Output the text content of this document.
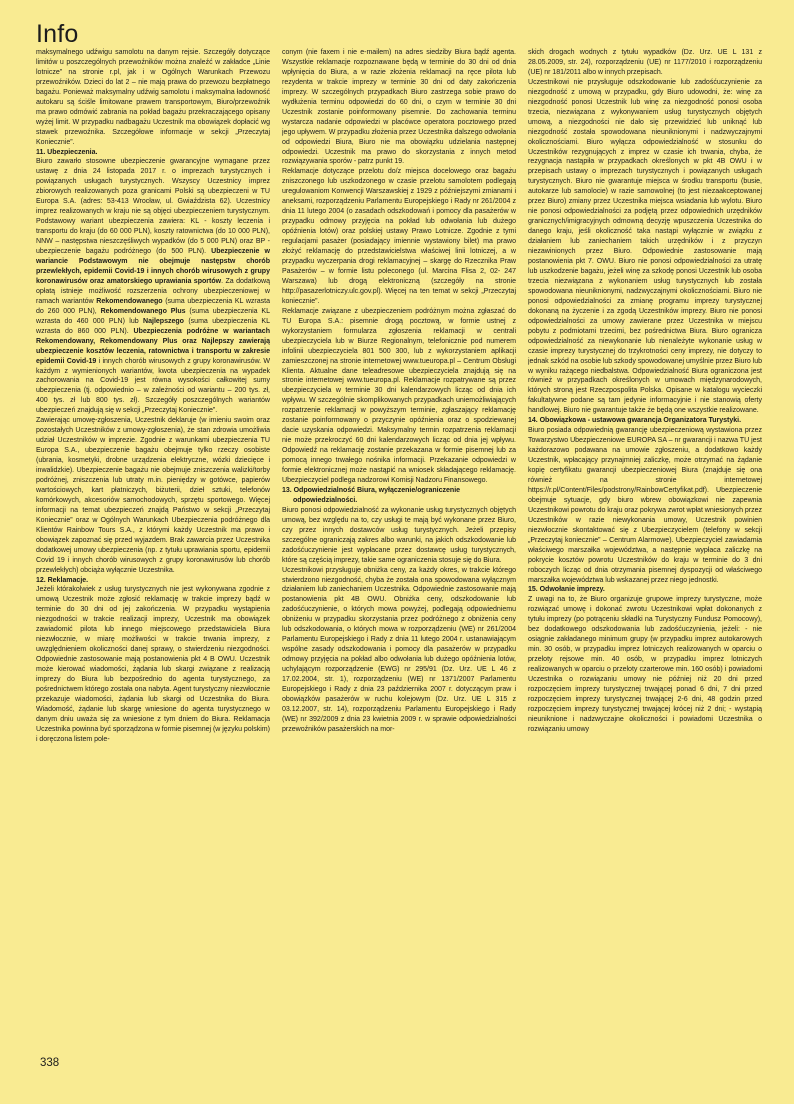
Info

maksymalnego udźwigu samolotu na danym rejsie. Szczegóły dotyczące limitów u poszczególnych przewoźników można znaleźć w zakładce „Linie lotnicze” na stronie r.pl, jak i w Ogólnych Warunkach Przewozu przewoźników. Dzieci do lat 2 – nie mają prawa do przewozu bezpłatnego bagażu. Ponieważ maksymalny udźwig samolotu i maksymalna ładowność autokaru są ściśle limitowane prawem transportowym, Biuro/przewoźnik ma prawo odmówić zabrania na pokład bagażu przekraczającego opisany wyżej limit. W przypadku nadbagażu Uczestnik ma obowiązek dopłacić wg stawek przewoźnika. Szczegółowe informacje w sekcji „Przeczytaj Koniecznie”.

11. Ubezpieczenia.

Biuro zawarło stosowne ubezpieczenie gwarancyjne wymagane przez ustawę z dnia 24 listopada 2017 r. o imprezach turystycznych i powiązanych usługach turystycznych. Wszyscy Uczestnicy imprez zbiorowych realizowanych poza granicami Polski są ubezpieczeni w TU Europa S.A. (adres: 53-413 Wrocław, ul. Gwiaździsta 62). Uczestnicy imprez realizowanych w kraju nie są objęci ubezpieczeniem turystycznym. Podstawowy wariant ubezpieczenia zawiera: KL - koszty leczenia i transportu do kraju (do 60 000 PLN), koszty ratownictwa (do 10 000 PLN), NNW – następstwa nieszczęśliwych wypadków (do 5 000 PLN) oraz BP - ubezpieczenie bagażu podróżnego (do 500 PLN). Ubezpieczenie w wariancie Podstawowym nie obejmuje następstw chorób przewlekłych, epidemii Covid-19 i innych chorób wirusowych z grupy koronawirusów oraz amatorskiego uprawiania sportów. Za dodatkową opłatą istnieje możliwość rozszerzenia ochrony ubezpieczeniowej w ramach wariantów Rekomendowanego (suma ubezpieczenia KL wzrasta do 260 000 PLN), Rekomendowanego Plus (suma ubezpieczenia KL wzrasta do 460 000 PLN) lub Najlepszego (suma ubezpieczenia KL wzrasta do 860 000 PLN). Ubezpieczenia podróżne w wariantach Rekomendowany, Rekomendowany Plus oraz Najlepszy zawierają ubezpieczenie kosztów leczenia, ratownictwa i transportu w zakresie epidemii Covid-19 i innych chorób wirusowych z grupy koronawirusów. W każdym z wymienionych wariantów, kwota ubezpieczenia na wypadek zachorowania na Covid-19 jest równa wysokości całkowitej sumy ubezpieczenia (tj. odpowiednio – w zależności od wariantu – 200 tys. zł, 400 tys. zł lub 800 tys. zł). Szczegóły poszczególnych wariantów ubezpieczeń znajdują się w sekcji „Przeczytaj Koniecznie”.

Zawierając umowę-zgłoszenia, Uczestnik deklaruje (w imieniu swoim oraz pozostałych Uczestników z umowy-zgłoszenia), że stan zdrowia umożliwia udział Uczestników w imprezie. Zgodnie z warunkami ubezpieczenia TU Europa S.A., ubezpieczenie bagażu obejmuje tylko rzeczy osobiste (ubrania, kosmetyki, drobne urządzenia elektryczne, wózki dziecięce i inwalidzkie). Ubezpieczenie bagażu nie obejmuje zniszczenia walizki/torby podróżnej, zniszczenia lub utraty m.in. pieniędzy w gotówce, papierów wartościowych, kart płatniczych, biżuterii, dzieł sztuki, telefonów komórkowych, akcesoriów samochodowych, sprzętu sportowego. Więcej informacji na temat ubezpieczeń znajdą Państwo w sekcji „Przeczytaj Koniecznie” oraz w Ogólnych Warunkach Ubezpieczenia podróżnego dla Klientów Rainbow Tours S.A., z którymi każdy Uczestnik ma prawo i obowiązek zapoznać się przed wyjazdem. Brak zawarcia przez Uczestnika dodatkowej umowy ubezpieczenia (np. z tytułu uprawiania sportu, epidemii Covid 19 i innych chorób wirusowych z grupy koronawirusów lub chorób przewlekłych) obciąża wyłącznie Uczestnika.

12. Reklamacje.

Jeżeli którakolwiek z usług turystycznych nie jest wykonywana zgodnie z umową Uczestnik może zgłosić reklamację w trakcie imprezy bądź w terminie do 30 dni od jej zakończenia. W przypadku wystąpienia niezgodności w trakcie realizacji imprezy, Uczestnik ma obowiązek zawiadomić pilota lub innego miejscowego przedstawiciela Biura niezwłocznie, w miarę możliwości w trakcie trwania imprezy, z uwzględnieniem okoliczności danej sprawy, o stwierdzeniu niezgodności. Odpowiednie zastosowanie mają postanowienia pkt 4 B OWU. Uczestnik może kierować wiadomości, żądania lub skargi związane z realizacją imprezy do Biura lub bezpośrednio do agenta turystycznego, za pośrednictwem którego została ona nabyta. Agent turystyczny niezwłocznie przekazuje wiadomości, żądania lub skargi od Uczestnika do Biura. Wiadomość, żądanie lub skargę wniesione do agenta turystycznego w danym dniu uważa się za wniesione z tym dniem do Biura. Reklamacja Uczestnika powinna być sporządzona w formie pisemnej (w języku polskim) i doręczona listem pole-

conym (nie faxem i nie e-mailem) na adres siedziby Biura bądź agenta. Wszystkie reklamacje rozpoznawane będą w terminie do 30 dni od dnia wpłynięcia do Biura, a w razie złożenia reklamacji na ręce pilota lub rezydenta w trakcie imprezy w terminie 30 dni od daty zakończenia imprezy. W szczególnych przypadkach Biuro zastrzega sobie prawo do wydłużenia terminu odpowiedzi do 60 dni, o czym w terminie 30 dni Uczestnik zostanie poinformowany pisemnie. Do zachowania terminu wystarcza nadanie odpowiedzi w placówce operatora pocztowego przed jego upływem. W przypadku złożenia przez Uczestnika dalszego odwołania od odpowiedzi Biura, Biuro nie ma obowiązku udzielania następnej odpowiedzi. Uczestnik ma prawo do skorzystania z innych metod rozwiązywania sporów - patrz punkt 19.

Reklamacje dotyczące przelotu do/z miejsca docelowego oraz bagażu zniszczonego lub uszkodzonego w czasie przelotu samolotem podlegają uregulowaniom Konwencji Warszawskiej z 1929 z późniejszymi zmianami i aneksami, rozporządzeniu Parlamentu Europejskiego i Rady nr 261/2004 z dnia 11 lutego 2004 (o zasadach odszkodowań i pomocy dla pasażerów w przypadku odmowy przyjęcia na pokład lub odwołania lub dużego opóźnienia lotów) oraz polskiej ustawy Prawo Lotnicze. Zgodnie z tymi regulacjami pasażer (posiadający imiennie wystawiony bilet) ma prawo złożyć reklamację do przedstawicielstwa właściwej linii lotniczej, a w przypadku wyczerpania drogi reklamacyjnej – skargę do Rzecznika Praw Pasażerów – w formie listu poleconego (ul. Marcina Flisa 2, 02- 247 Warszawa) lub drogą elektroniczną (szczegóły na stronie http://pasazerlotniczy.ulc.gov.pl). Więcej na ten temat w sekcji „Przeczytaj koniecznie”.

Reklamacje związane z ubezpieczeniem podróżnym można zgłaszać do TU Europa S.A.: pisemnie drogą pocztową, w formie ustnej z wykorzystaniem formularza zgłoszenia reklamacji w centrali ubezpieczyciela lub w Biurze Regionalnym, telefonicznie pod numerem infolinii ubezpieczyciela 801 500 300, lub z wykorzystaniem aplikacji zamieszczonej na stronie internetowej www.tueuropa.pl – Centrum Obsługi Klienta. Aktualne dane teleadresowe ubezpieczyciela znajdują się na stronie internetowej www.tueuropa.pl. Reklamacje rozpatrywane są przez ubezpieczyciela w terminie 30 dni kalendarzowych licząc od dnia ich wpływu. W szczególnie skomplikowanych przypadkach uniemożliwiających rozpatrzenie reklamacji w powyższym terminie, zgłaszający reklamację zostanie poinformowany o przyczynie opóźnienia oraz o spodziewanej dacie uzyskania odpowiedzi. Maksymalny termin rozpatrzenia reklamacji nie może przekroczyć 60 dni kalendarzowych licząc od dnia jej wpływu. Odpowiedź na reklamację zostanie przekazana w formie pisemnej lub za pomocą innego trwałego nośnika informacji. Przekazanie odpowiedzi w formie elektronicznej może nastąpić na wniosek składającego reklamację. Ubezpieczyciel podlega nadzorowi Komisji Nadzoru Finansowego.

13. Odpowiedzialność Biura, wyłączenie/ograniczenie odpowiedzialności.

Biuro ponosi odpowiedzialność za wykonanie usług turystycznych objętych umową, bez względu na to, czy usługi te mają być wykonane przez Biuro, czy przez innych dostawców usług turystycznych. Jeżeli przepisy szczególne ograniczają zakres albo warunki, na jakich odszkodowanie lub zadośćuczynienie jest wypłacane przez dostawcę usług turystycznych, które są częścią imprezy, takie same ograniczenia stosuje się do Biura.

Uczestnikowi przysługuje obniżka ceny, za każdy okres, w trakcie którego stwierdzono niezgodność, chyba że została ona spowodowana wyłącznym działaniem lub zaniechaniem Uczestnika. Odpowiednie zastosowanie mają postanowienia pkt 4B OWU. Obniżka ceny, odszkodowanie lub zadośćuczynienie, o których mowa powyżej, podlegają odpowiedniemu obniżeniu w przypadku skorzystania przez podróżnego z obniżenia ceny lub odszkodowania, o których mowa w rozporządzeniu (WE) nr 261/2004 Parlamentu Europejskiego i Rady z dnia 11 lutego 2004 r. ustanawiającym wspólne zasady odszkodowania i pomocy dla pasażerów w przypadku odmowy przyjęcia na pokład albo odwołania lub dużego opóźnienia lotów, uchylającym rozporządzenie (EWG) nr 295/91 (Dz. Urz. UE L 46 z 17.02.2004, str. 1), rozporządzeniu (WE) nr 1371/2007 Parlamentu Europejskiego i Rady z dnia 23 października 2007 r. dotyczącym praw i obowiązków pasażerów w ruchu kolejowym (Dz. Urz. UE L 315 z 03.12.2007, str. 14), rozporządzeniu Parlamentu Europejskiego i Rady (WE) nr 392/2009 z dnia 23 kwietnia 2009 r. w sprawie odpowiedzialności przewoźników pasażerskich na mor-

skich drogach wodnych z tytułu wypadków (Dz. Urz. UE L 131 z 28.05.2009, str. 24), rozporządzeniu (UE) nr 1177/2010 i rozporządzeniu (UE) nr 181/2011 albo w innych przepisach.

Uczestnikowi nie przysługuje odszkodowanie lub zadośćuczynienie za niezgodność z umową w przypadku, gdy Biuro udowodni, że: winę za niezgodność ponosi Uczestnik lub winę za niezgodność ponosi osoba trzecia, niezwiązana z wykonywaniem usług turystycznych objętych umową, a niezgodności nie dało się przewidzieć lub uniknąć lub niezgodność została spowodowana nieuniknionymi i nadzwyczajnymi okolicznościami. Biuro wyłącza odpowiedzialność w stosunku do Uczestników rezygnujących z imprez w czasie ich trwania, chyba, że rezygnacja nastąpiła w przypadkach określonych w pkt 4B OWU i w przepisach ustawy o imprezach turystycznych i powiązanych usługach turystycznych. Biuro nie gwarantuje miejsca w środku transportu (busie, autokarze lub samolocie) w razie samowolnej (to jest niezaakceptowanej przez Biuro) zmiany przez Uczestnika miejsca wsiadania lub wylotu. Biuro nie ponosi odpowiedzialności za podjętą przez odpowiednich urzędników granicznych/imigracyjnych odmowną decyzję wpuszczenia Uczestnika do danego kraju, jeśli okoliczność taka nastąpi wyłącznie w związku z działaniem lub zaniechaniem takich urzędników i z przyczyn niezawinionych przez Biuro. Odpowiednie zastosowanie mają postanowienia pkt 7. OWU. Biuro nie ponosi odpowiedzialności za utratę lub uszkodzenie bagażu, jeżeli winę za szkodę ponosi Uczestnik lub osoba trzecia niezwiązana z wykonaniem usług turystycznych lub została spowodowana nieuniknionymi, nadzwyczajnymi okolicznościami. Biuro nie ponosi odpowiedzialności za zmianę programu imprezy turystycznej dokonaną na życzenie i za zgodą Uczestników imprezy. Biuro nie ponosi odpowiedzialności za umowy zawierane przez Uczestnika w miejscu pobytu z podmiotami trzecimi, bez pośrednictwa Biura. Biuro ogranicza odpowiedzialność za niewykonanie lub nienależyte wykonanie usług w czasie imprezy turystycznej do trzykrotności ceny imprezy, nie dotyczy to jednak szkód na osobie lub szkody spowodowanej umyślnie przez Biuro lub w wyniku rażącego niedbalstwa. Odpowiedzialność Biura ograniczona jest również w przypadkach określonych w umowach międzynarodowych, których stroną jest Rzeczpospolita Polska. Opisane w katalogu wycieczki fakultatywne podane są tam jedynie informacyjnie i nie stanowią oferty handlowej. Biuro nie gwarantuje także że będą one wszystkie realizowane.

14. Obowiązkowa - ustawowa gwarancja Organizatora Turystyki.

Biuro posiada odpowiednią gwarancję ubezpieczeniową wystawiona przez Towarzystwo Ubezpieczeniowe EUROPA SA – nr gwarancji i nazwa TU jest każdorazowo podawana na umowie zgłoszeniu, a dodatkowo każdy Uczestnik, wpłacający przynajmniej zaliczkę, może otrzymać na żądanie kopię certyfikatu gwarancji ubezpieczeniowej Biura (znajduje się ona również na stronie internetowej https://r.pl/Content/Files/podstrony/RainbowCertyfikat.pdf). Ubezpieczenie obejmuje sytuacje, gdy biuro wbrew obowiązkowi nie zapewnia Uczestnikowi powrotu do kraju oraz pokrywa zwrot wpłat wniesionych przez Uczestników w razie niewykonania umowy, Uczestnik powinien niezwłocznie skontaktować się z Ubezpieczycielem (telefony w sekcji „Przeczytaj koniecznie” – Centrum Alarmowe). Ubezpieczyciel zawiadamia właściwego marszałka województwa, a następnie wypłaca zaliczkę na pokrycie kosztów powrotu Uczestników do kraju w terminie do 3 dni roboczych licząc od dnia otrzymania pisemnej dyspozycji od właściwego marszałka województwa lub wskazanej przez niego jednostki.

15. Odwołanie imprezy.

Z uwagi na to, że Biuro organizuje grupowe imprezy turystyczne, może rozwiązać umowę i dokonać zwrotu Uczestnikowi wpłat dokonanych z tytułu imprezy (po potrąceniu składki na Turystyczny Fundusz Pomocowy), bez dodatkowego odszkodowania lub zadośćuczynienia, jeżeli: - nie osiągnie zakładanego minimum grupy (w przypadku imprez autokarowych min. 30 osób, w przypadku imprez lotniczych realizowanych w oparciu o przeloty rejsowe min. 40 osób, w przypadku imprez lotniczych realizowanych w oparciu o przeloty czarterowe min. 160 osób) i powiadomi Uczestnika o rozwiązaniu umowy nie później niż 20 dni przed rozpoczęciem imprezy turystycznej trwającej ponad 6 dni, 7 dni przed rozpoczęciem imprezy turystycznej trwającej 2-6 dni, 48 godzin przed rozpoczęciem imprezy turystycznej trwającej krócej niż 2 dni; - wystąpią nieuniknione i nadzwyczajne okoliczności i powiadomi Uczestnika o rozwiązaniu umowy

338
